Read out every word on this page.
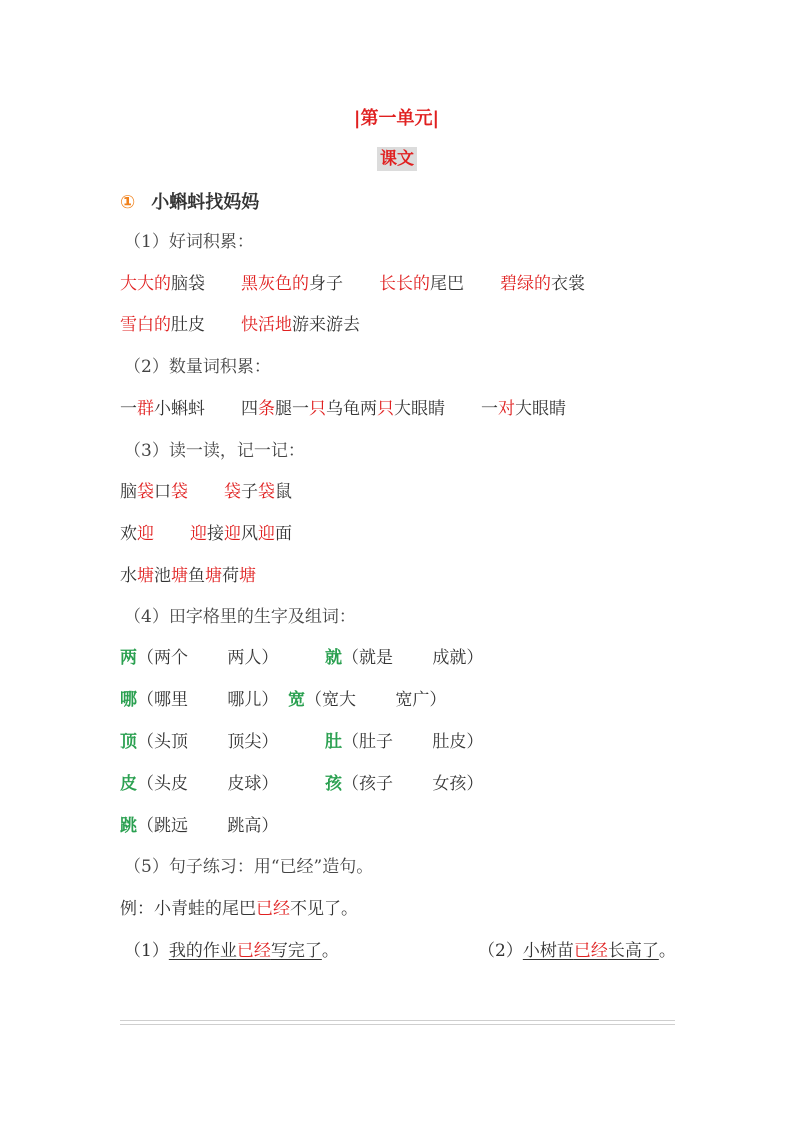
|第一单元|
课文
① 小蝌蚪找妈妈
（1）好词积累：
大大的脑袋 黑灰色的身子 长长的尾巴 碧绿的衣裳
雪白的肚皮 快活地游来游去
（2）数量词积累：
一群小蝌蚪 四条腿一只乌龟两只大眼睛 一对大眼睛
（3）读一读，记一记：
脑袋口袋 袋子袋鼠
欢迎 迎接迎风迎面
水塘池塘鱼塘荷塘
（4）田字格里的生字及组词：
两（两个　　 两人）	就（就是　　 成就）
哪（哪里　　 哪儿） 宽（宽大　　 宽广）
顶（头顶　　 顶尖）	肚（肚子　　 肚皮）
皮（头皮　　 皮球）	孩（孩子　　 女孩）
跳（跳远　　 跳高）
（5）句子练习：用“已经”造句。
例：小青蛙的尾巴已经不见了。
（1）我的作业已经写完了。	（2）小树苗已经长高了。
